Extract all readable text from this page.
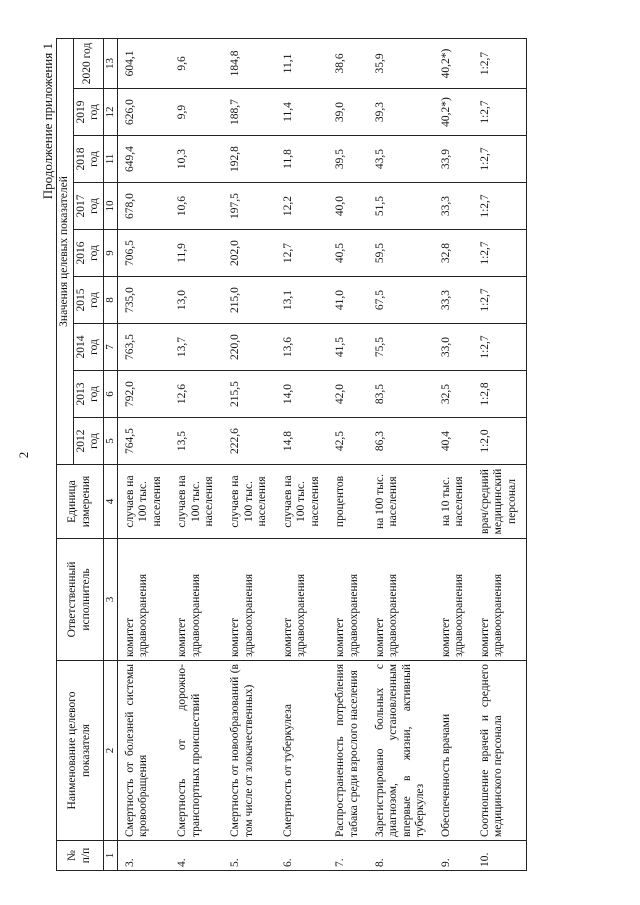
2
Продолжение приложения 1
№ п/п	Наименование целевого показателя	Ответственный исполнитель	Единица измерения	Значения целевых показателей								
				2012 год	2013 год	2014 год	2015 год	2016 год	2017 год	2018 год	2019 год	2020 год
1	2	3	4	5	6	7	8	9	10	11	12	13
3.	Смертность от болезней системы кровообращения	комитет здравоохранения	случаев на 100 тыс. населения	764,5	792,0	763,5	735,0	706,5	678,0	649,4	626,0	604,1
4.	Смертность от дорожно-транспортных происшествий	комитет здравоохранения	случаев на 100 тыс. населения	13,5	12,6	13,7	13,0	11,9	10,6	10,3	9,9	9,6
5.	Смертность от новообразований (в том числе от злокачественных)	комитет здравоохранения	случаев на 100 тыс. населения	222,6	215,5	220,0	215,0	202,0	197,5	192,8	188,7	184,8
6.	Смертность от туберкулеза	комитет здравоохранения	случаев на 100 тыс. населения	14,8	14,0	13,6	13,1	12,7	12,2	11,8	11,4	11,1
7.	Распространенность потребления табака среди взрослого населения	комитет здравоохранения	процентов	42,5	42,0	41,5	41,0	40,5	40,0	39,5	39,0	38,6
8.	Зарегистрировано больных с диагнозом, установленным впервые в жизни, активный туберкулез	комитет здравоохранения	на 100 тыс. населения	86,3	83,5	75,5	67,5	59,5	51,5	43,5	39,3	35,9
9.	Обеспеченность врачами	комитет здравоохранения	на 10 тыс. населения	40,4	32,5	33,0	33,3	32,8	33,3	33,9	40,2*)	40,2*)
10.	Соотношение врачей и среднего медицинского персонала	комитет здравоохранения	врач/средний медицинский персонал	1:2,0	1:2,8	1:2,7	1:2,7	1:2,7	1:2,7	1:2,7	1:2,7	1:2,7
